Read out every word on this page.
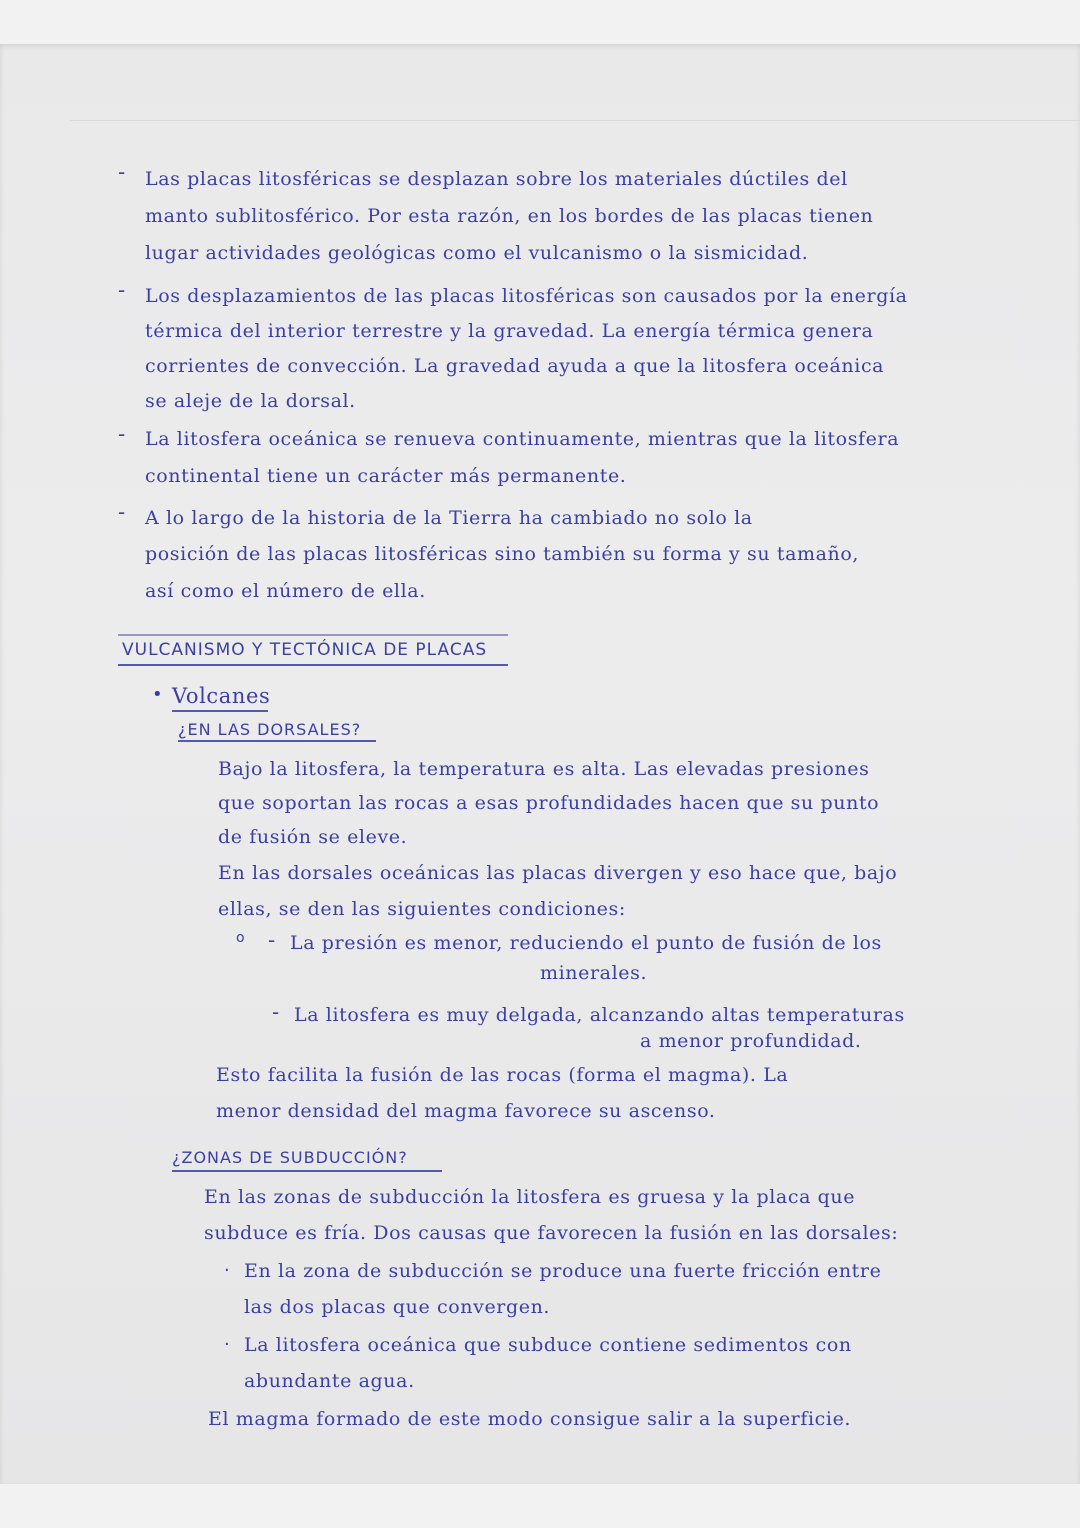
- Las placas litosféricas se desplazan sobre los materiales dúctiles del
manto sublitosférico. Por esta razón, en los bordes de las placas tienen
lugar actividades geológicas como el vulcanismo o la sismicidad.
- Los desplazamientos de las placas litosféricas son causados por la energía
térmica del interior terrestre y la gravedad. La energía térmica genera
corrientes de convección. La gravedad ayuda a que la litosfera oceánica
se aleje de la dorsal.
- La litosfera oceánica se renueva continuamente, mientras que la litosfera
continental tiene un carácter más permanente.
- A lo largo de la historia de la Tierra ha cambiado no solo la
posición de las placas litosféricas sino también su forma y su tamaño,
así como el número de ella.
VULCANISMO Y TECTÓNICA DE PLACAS
• Volcanes
¿EN LAS DORSALES?
Bajo la litosfera, la temperatura es alta. Las elevadas presiones
que soportan las rocas a esas profundidades hacen que su punto
de fusión se eleve.
En las dorsales oceánicas las placas divergen y eso hace que, bajo
ellas, se den las siguientes condiciones:
o - La presión es menor, reduciendo el punto de fusión de los
minerales.
- La litosfera es muy delgada, alcanzando altas temperaturas
a menor profundidad.
Esto facilita la fusión de las rocas (forma el magma). La
menor densidad del magma favorece su ascenso.
¿ZONAS DE SUBDUCCIÓN?
En las zonas de subducción la litosfera es gruesa y la placa que
subduce es fría. Dos causas que favorecen la fusión en las dorsales:
· En la zona de subducción se produce una fuerte fricción entre
las dos placas que convergen.
· La litosfera oceánica que subduce contiene sedimentos con
abundante agua.
El magma formado de este modo consigue salir a la superficie.
